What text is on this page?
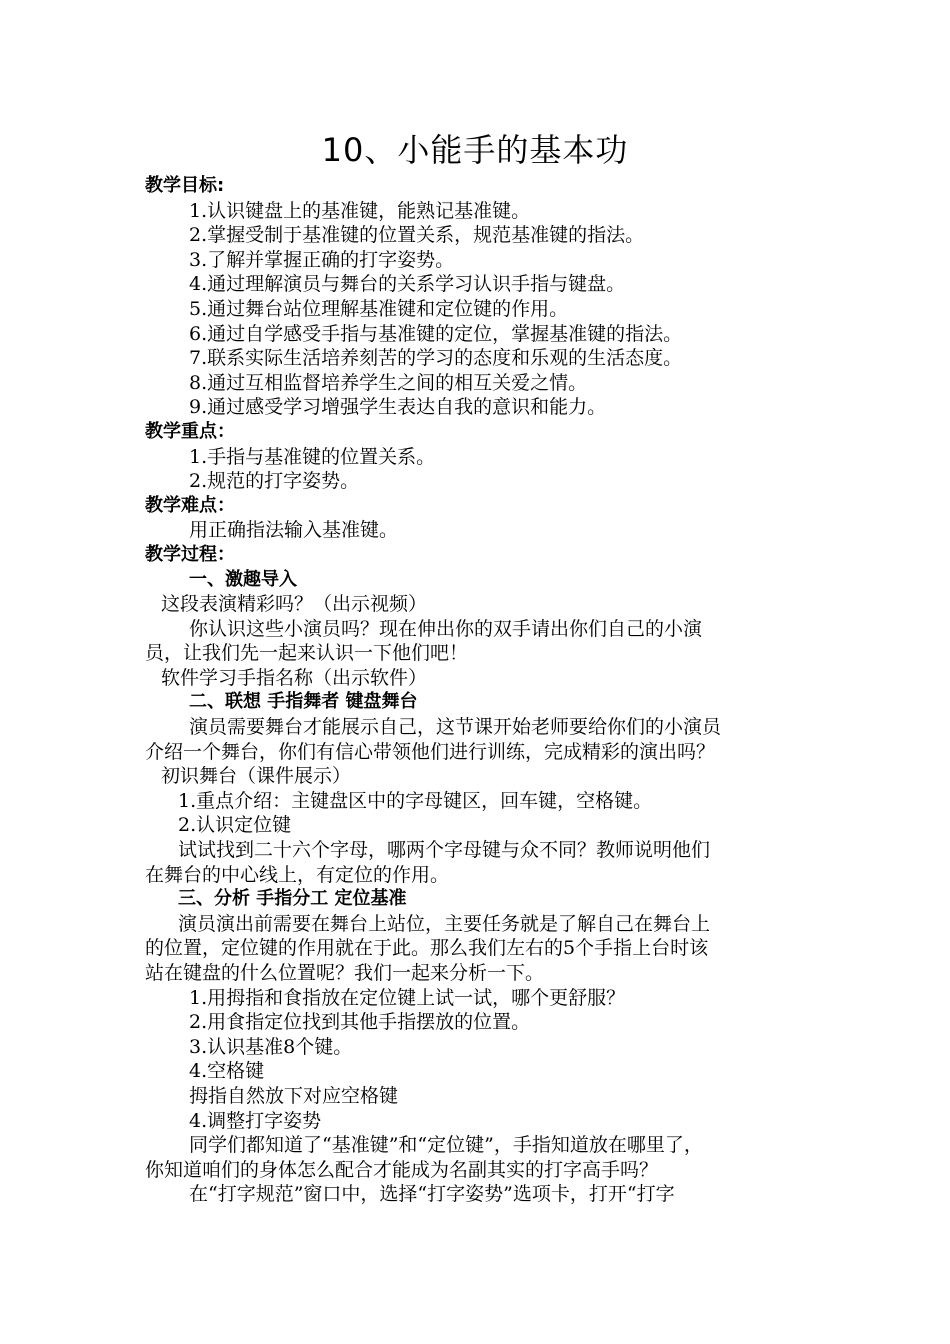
10、小能手的基本功
教学目标:
1.认识键盘上的基准键，能熟记基准键。
2.掌握受制于基准键的位置关系，规范基准键的指法。
3.了解并掌握正确的打字姿势。
4.通过理解演员与舞台的关系学习认识手指与键盘。
5.通过舞台站位理解基准键和定位键的作用。
6.通过自学感受手指与基准键的定位，掌握基准键的指法。
7.联系实际生活培养刻苦的学习的态度和乐观的生活态度。
8.通过互相监督培养学生之间的相互关爱之情。
9.通过感受学习增强学生表达自我的意识和能力。
教学重点：
1.手指与基准键的位置关系。
2.规范的打字姿势。
教学难点：
用正确指法输入基准键。
教学过程：
一、激趣导入
这段表演精彩吗？（出示视频）
你认识这些小演员吗？现在伸出你的双手请出你们自己的小演
员，让我们先一起来认识一下他们吧！
软件学习手指名称（出示软件）
二、联想 手指舞者 键盘舞台
演员需要舞台才能展示自己，这节课开始老师要给你们的小演员
介绍一个舞台，你们有信心带领他们进行训练，完成精彩的演出吗？
初识舞台（课件展示）
1.重点介绍：主键盘区中的字母键区，回车键，空格键。
2.认识定位键
试试找到二十六个字母，哪两个字母键与众不同？教师说明他们
在舞台的中心线上，有定位的作用。
三、分析 手指分工 定位基准
演员演出前需要在舞台上站位，主要任务就是了解自己在舞台上
的位置，定位键的作用就在于此。那么我们左右的5个手指上台时该
站在键盘的什么位置呢？我们一起来分析一下。
1.用拇指和食指放在定位键上试一试，哪个更舒服？
2.用食指定位找到其他手指摆放的位置。
3.认识基准8个键。
4.空格键
拇指自然放下对应空格键
4.调整打字姿势
同学们都知道了“基准键”和“定位键”，手指知道放在哪里了，
你知道咱们的身体怎么配合才能成为名副其实的打字高手吗？
在“打字规范”窗口中，选择“打字姿势”选项卡，打开“打字
